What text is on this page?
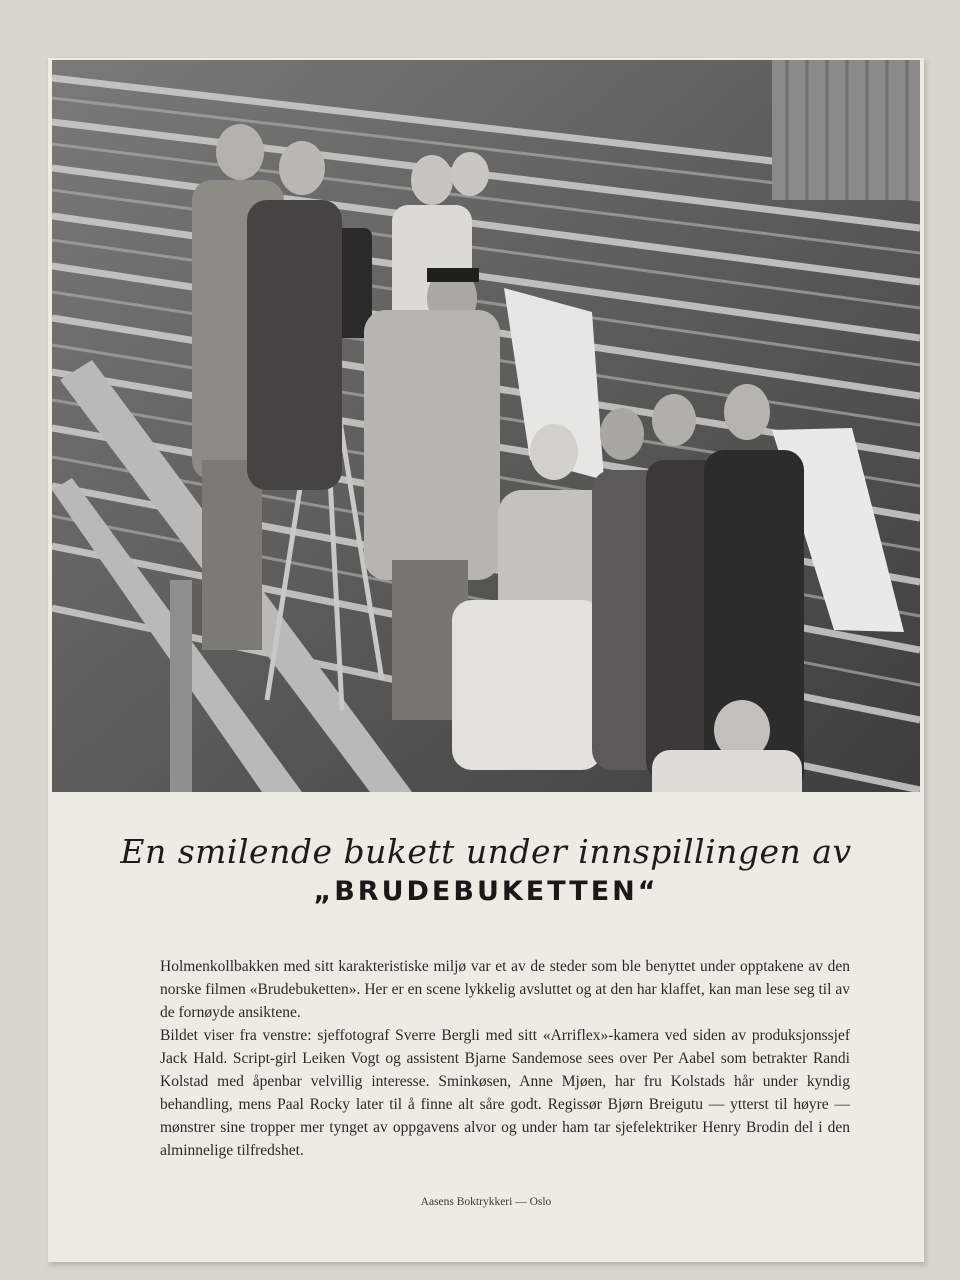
En smilende bukett under innspillingen av
„BRUDEBUKETTEN“

Holmenkollbakken med sitt karakteristiske miljø var et av de steder som ble benyttet under opptakene av den norske filmen «Brudebuketten». Her er en scene lykkelig avsluttet og at den har klaffet, kan man lese seg til av de fornøyde ansiktene.

Bildet viser fra venstre: sjeffotograf Sverre Bergli med sitt «Arriflex»-kamera ved siden av produksjonssjef Jack Hald. Script-girl Leiken Vogt og assistent Bjarne Sandemose sees over Per Aabel som betrakter Randi Kolstad med åpenbar velvillig interesse. Sminkøsen, Anne Mjøen, har fru Kolstads hår under kyndig behandling, mens Paal Rocky later til å finne alt såre godt. Regissør Bjørn Breigutu — ytterst til høyre — mønstrer sine tropper mer tynget av oppgavens alvor og under ham tar sjefelektriker Henry Brodin del i den alminnelige tilfredshet.

Aasens Boktrykkeri — Oslo
